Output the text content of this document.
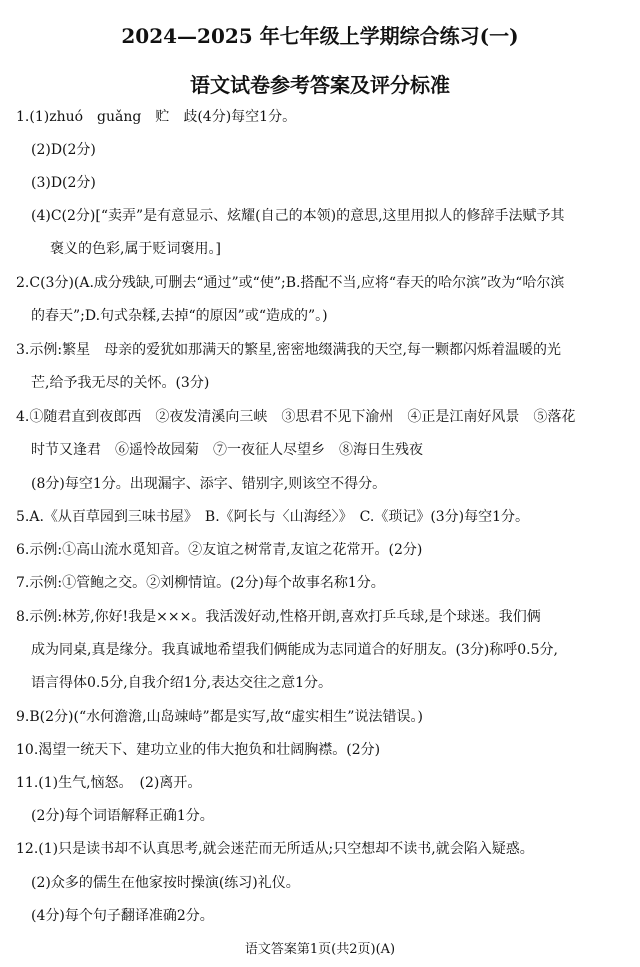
2024—2025 年七年级上学期综合练习(一)
语文试卷参考答案及评分标准
1.(1)zhuó　guǎng　贮　歧(4分)每空1分。
(2)D(2分)
(3)D(2分)
(4)C(2分)[“卖弄”是有意显示、炫耀(自己的本领)的意思,这里用拟人的修辞手法赋予其
褒义的色彩,属于贬词褒用。]
2.C(3分)(A.成分残缺,可删去“通过”或“使”;B.搭配不当,应将“春天的哈尔滨”改为“哈尔滨
的春天”;D.句式杂糅,去掉“的原因”或“造成的”。)
3.示例:繁星　母亲的爱犹如那满天的繁星,密密地缀满我的天空,每一颗都闪烁着温暖的光
芒,给予我无尽的关怀。(3分)
4.①随君直到夜郎西　②夜发清溪向三峡　③思君不见下渝州　④正是江南好风景　⑤落花
时节又逢君　⑥遥怜故园菊　⑦一夜征人尽望乡　⑧海日生残夜
(8分)每空1分。出现漏字、添字、错别字,则该空不得分。
5.A.《从百草园到三味书屋》　B.《阿长与〈山海经〉》　C.《琐记》(3分)每空1分。
6.示例:①高山流水觅知音。②友谊之树常青,友谊之花常开。(2分)
7.示例:①管鲍之交。②刘柳情谊。(2分)每个故事名称1分。
8.示例:林芳,你好!我是×××。我活泼好动,性格开朗,喜欢打乒乓球,是个球迷。我们俩
成为同桌,真是缘分。我真诚地希望我们俩能成为志同道合的好朋友。(3分)称呼0.5分,
语言得体0.5分,自我介绍1分,表达交往之意1分。
9.B(2分)(“水何澹澹,山岛竦峙”都是实写,故“虚实相生”说法错误。)
10.渴望一统天下、建功立业的伟大抱负和壮阔胸襟。(2分)
11.(1)生气,恼怒。　(2)离开。
(2分)每个词语解释正确1分。
12.(1)只是读书却不认真思考,就会迷茫而无所适从;只空想却不读书,就会陷入疑惑。
(2)众多的儒生在他家按时操演(练习)礼仪。
(4分)每个句子翻译准确2分。
语文答案第1页(共2页)(A)
